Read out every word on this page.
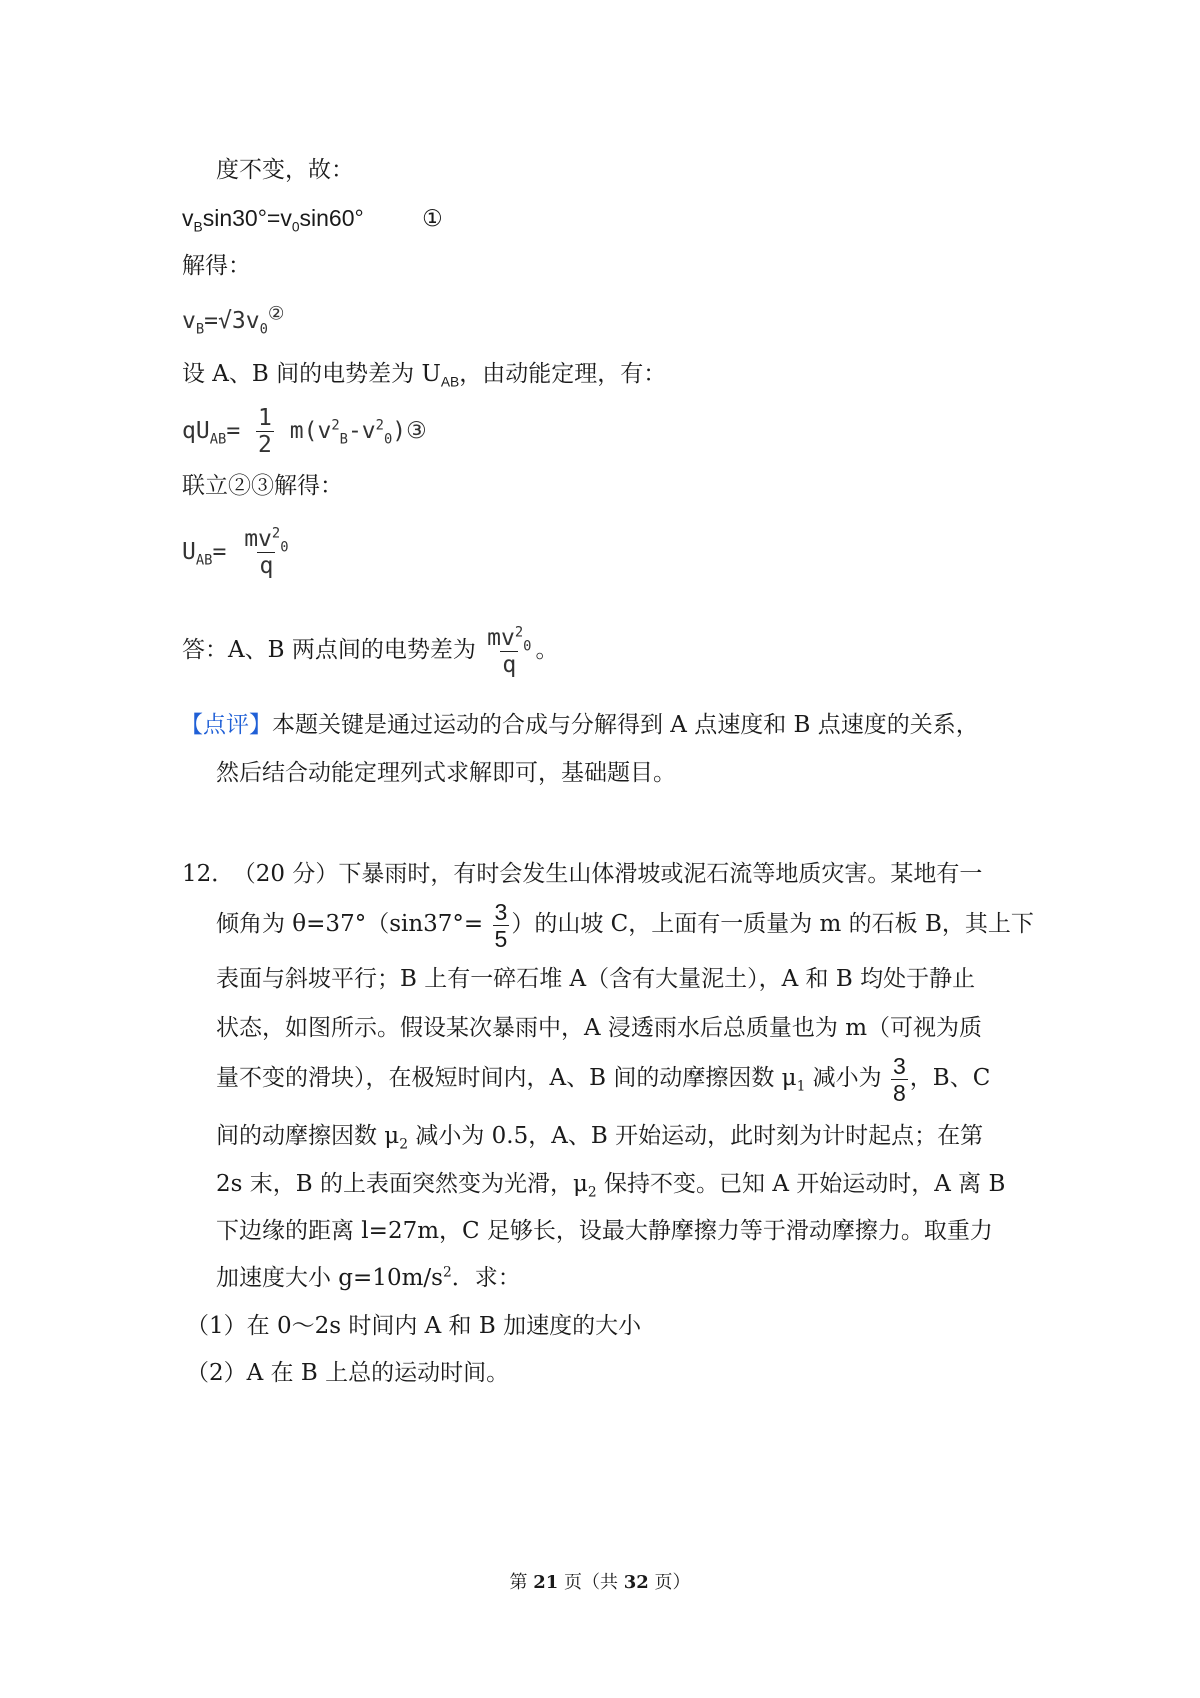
度不变，故：
$v_B\sin 30^\circ=v_0\sin 60^\circ$	①
解得：
$v_B=√3v_0^②$
设 A、B 间的电势差为 $U_{AB}$，由动能定理，有：
$qU_{AB}= \frac{1}{2}$ $m(v^2_B-v^2_0)③$
联立②③解得：
$U_{AB}= \frac{mv^2_0}{q}$
答：A、B 两点间的电势差为 $\frac{mv^2_0}{q}$ 。
【点评】本题关键是通过运动的合成与分解得到 A 点速度和 B 点速度的关系，
然后结合动能定理列式求解即可，基础题目。
12． （20 分）下暴雨时，有时会发生山体滑坡或泥石流等地质灾害。某地有一
倾角为 $\theta=37^\circ(\sin 37^\circ= \frac{3}{5}$ ）的山坡 C，上面有一质量为 m 的石板 B，其上下
表面与斜坡平行；B 上有一碎石堆 A（含有大量泥土），A 和 B 均处于静止
状态，如图所示。假设某次暴雨中，A 浸透雨水后总质量也为 m（可视为质
量不变的滑块），在极短时间内，A、B 间的动摩擦因数 $\mu_1$ 减小为 $\frac{3}{8}$ ，B、C
间的动摩擦因数 $\mu_2$ 减小为 0.5，A、B 开始运动，此时刻为计时起点；在第
2s 末，B 的上表面突然变为光滑，$\mu_2$ 保持不变。已知 A 开始运动时，A 离 B
下边缘的距离 l=27m，C 足够长，设最大静摩擦力等于滑动摩擦力。取重力
加速度大小 $g=10m/s^2$．求：
（1）在 0～2s 时间内 A 和 B 加速度的大小
（2）A 在 B 上总的运动时间。
第 21 页（共 32 页）
